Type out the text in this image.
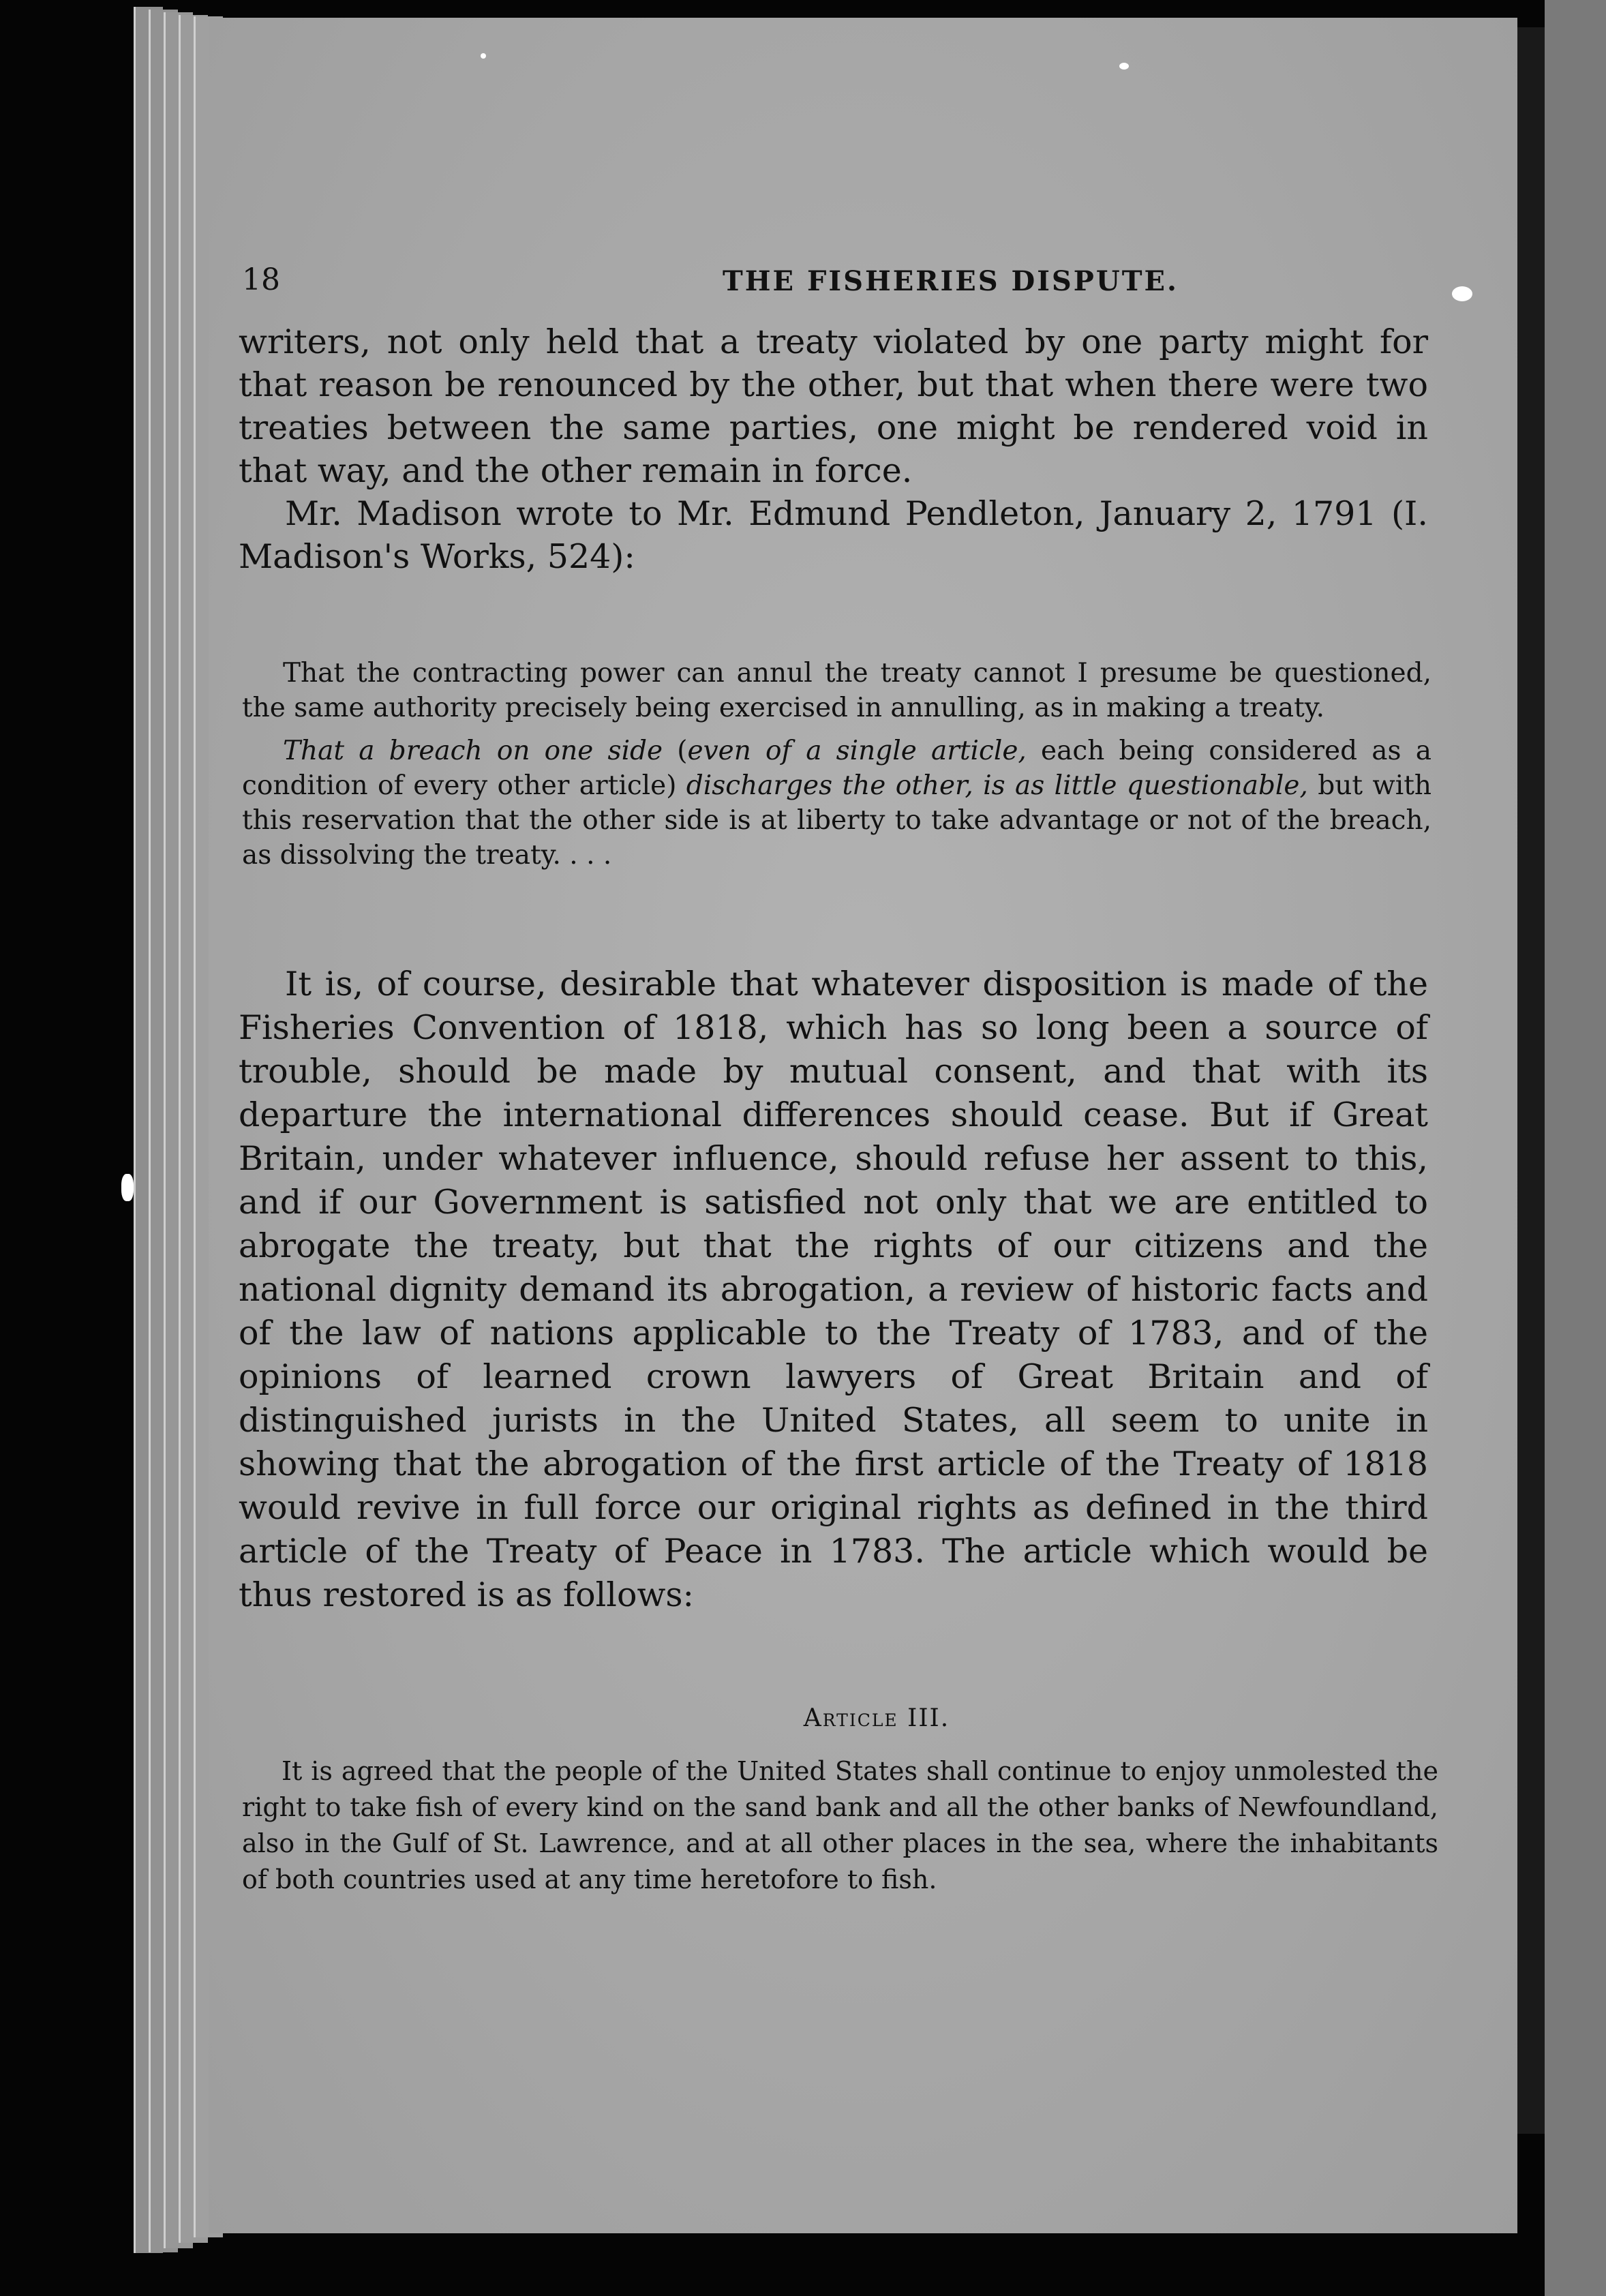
18	THE FISHERIES DISPUTE.

writers, not only held that a treaty violated by one party might for that reason be renounced by the other, but that when there were two treaties between the same parties, one might be rendered void in that way, and the other remain in force.

Mr. Madison wrote to Mr. Edmund Pendleton, January 2, 1791 (I. Madison's Works, 524):

That the contracting power can annul the treaty cannot I presume be questioned, the same authority precisely being exercised in annulling, as in making a treaty.

That a breach on one side (even of a single article, each being considered as a condition of every other article) discharges the other, is as little questionable, but with this reservation that the other side is at liberty to take advantage or not of the breach, as dissolving the treaty. . . .

It is, of course, desirable that whatever disposition is made of the Fisheries Convention of 1818, which has so long been a source of trouble, should be made by mutual consent, and that with its departure the international differences should cease. But if Great Britain, under whatever influence, should refuse her assent to this, and if our Government is satisfied not only that we are entitled to abrogate the treaty, but that the rights of our citizens and the national dignity demand its abrogation, a review of historic facts and of the law of nations applicable to the Treaty of 1783, and of the opinions of learned crown lawyers of Great Britain and of distinguished jurists in the United States, all seem to unite in showing that the abrogation of the first article of the Treaty of 1818 would revive in full force our original rights as defined in the third article of the Treaty of Peace in 1783. The article which would be thus restored is as follows:

Article III.

It is agreed that the people of the United States shall continue to enjoy unmolested the right to take fish of every kind on the sand bank and all the other banks of Newfoundland, also in the Gulf of St. Lawrence, and at all other places in the sea, where the inhabitants of both countries used at any time heretofore to fish.
